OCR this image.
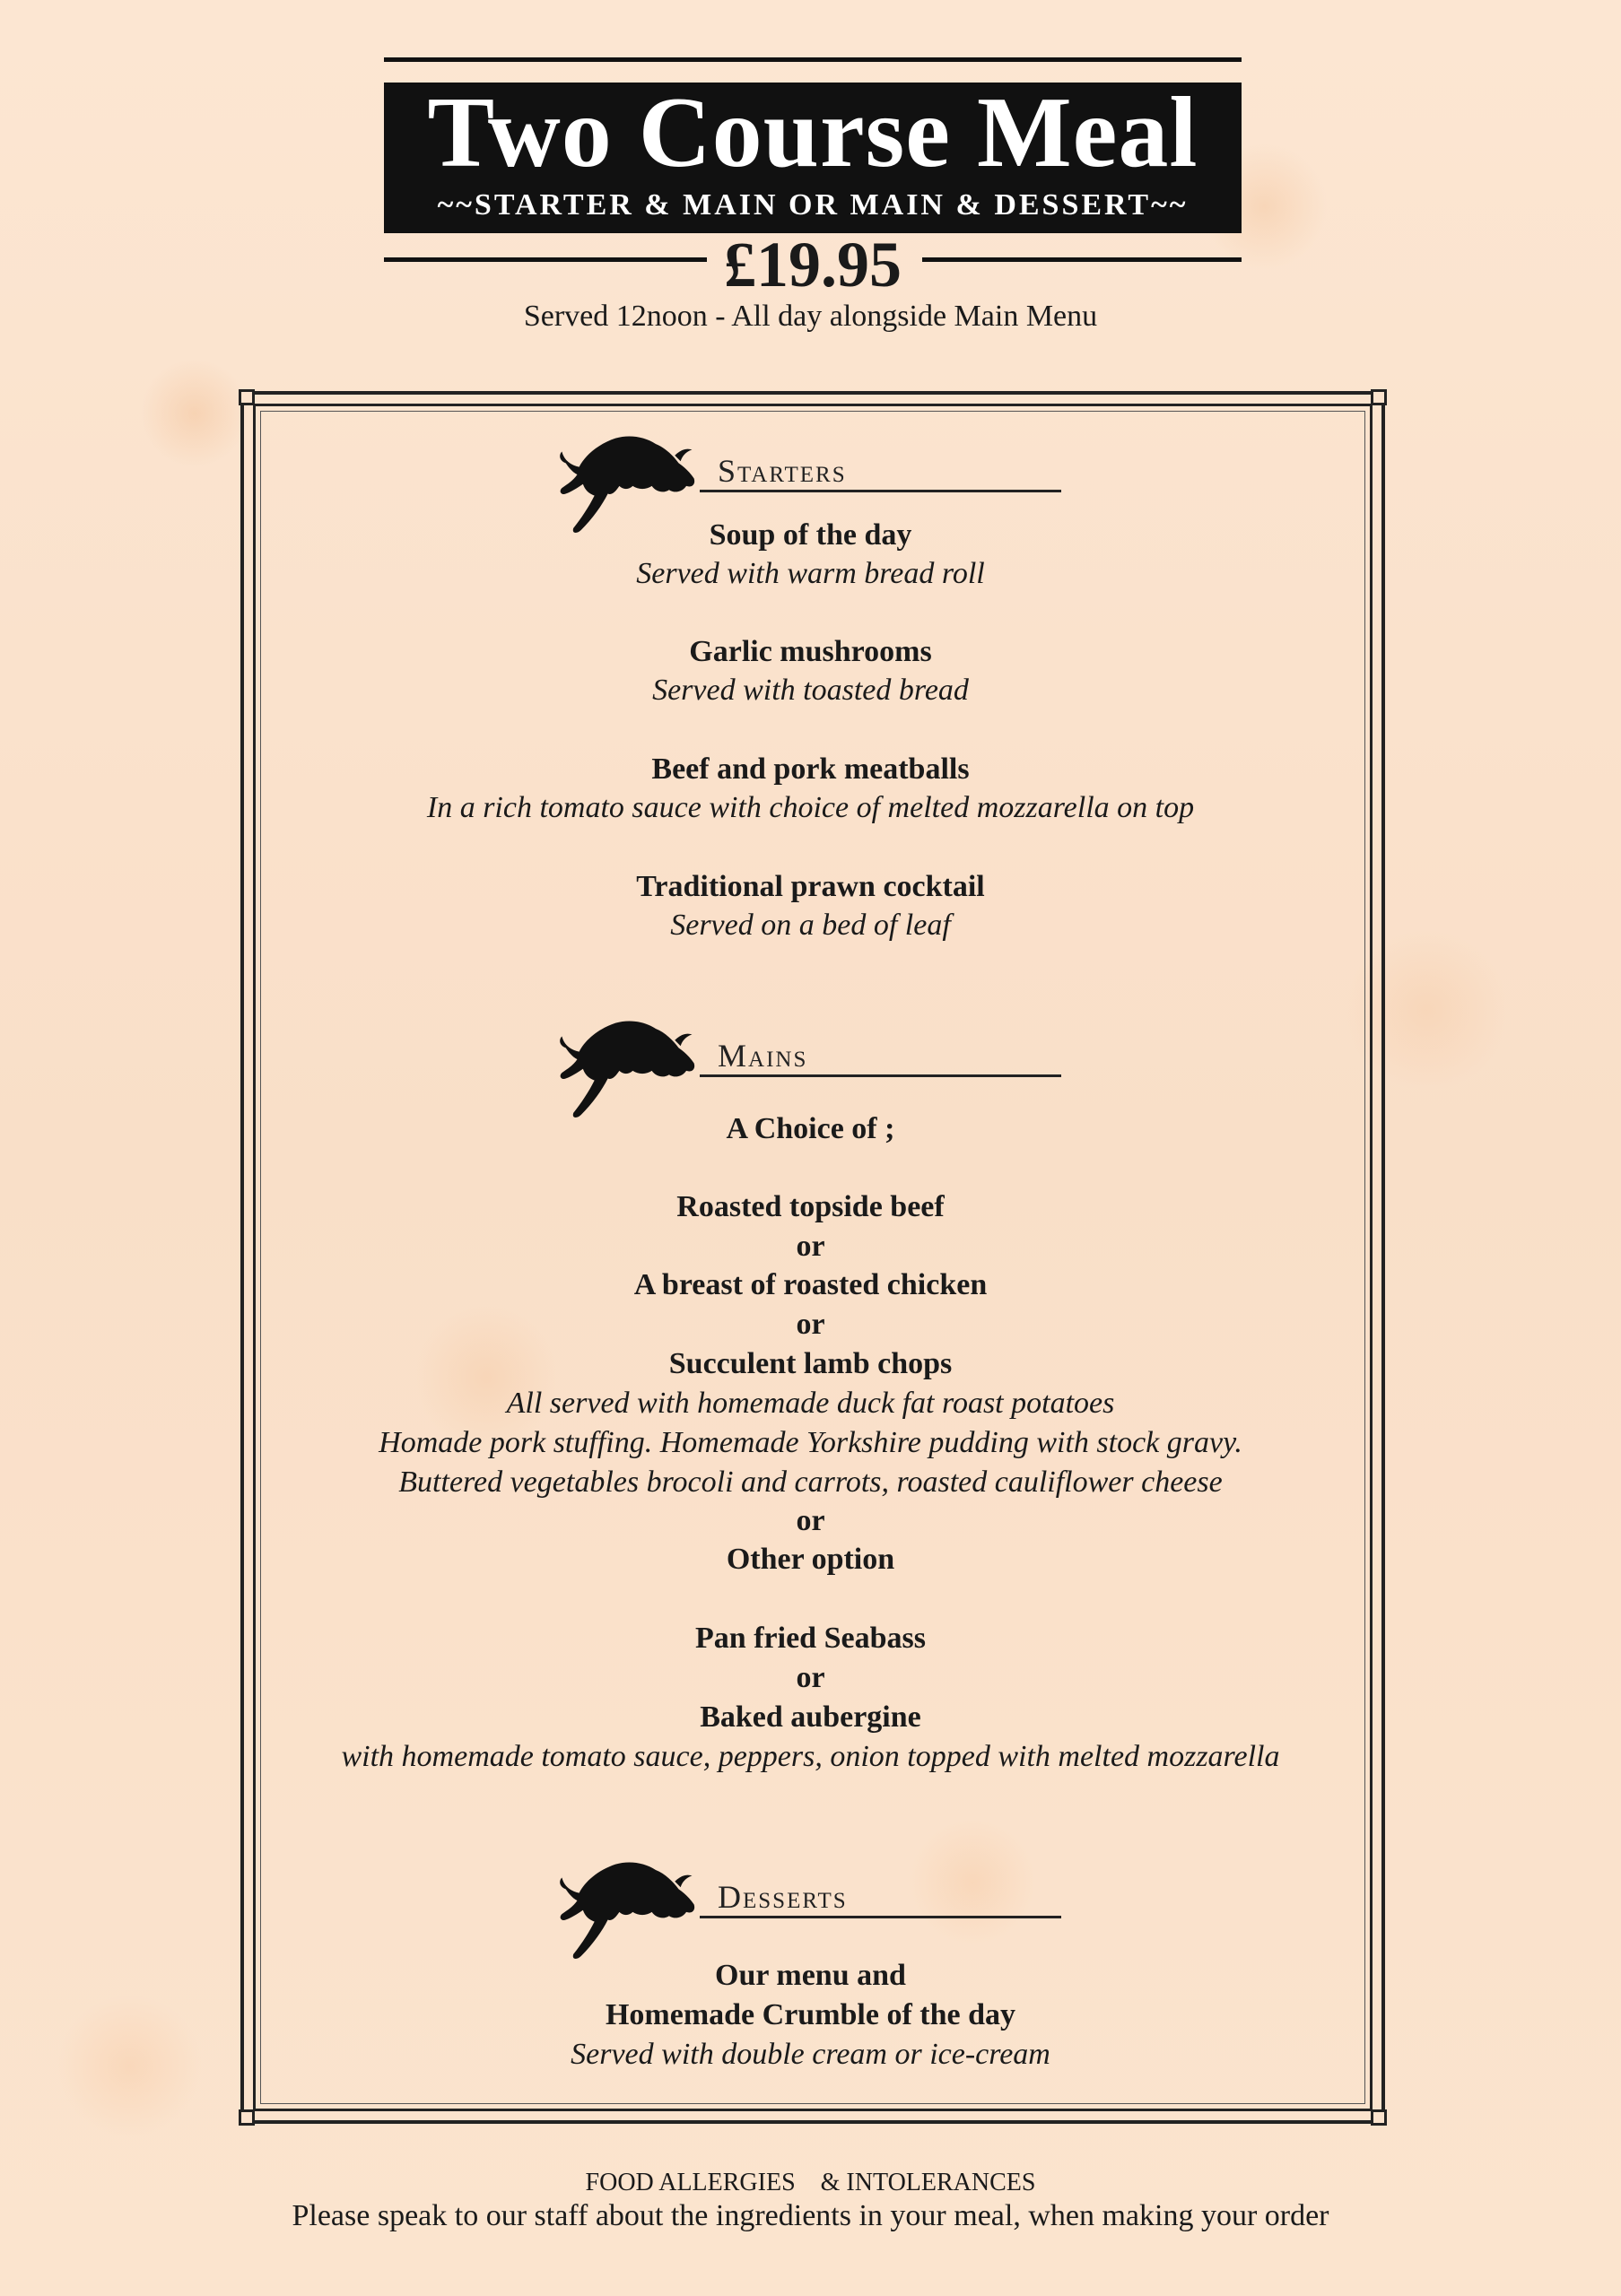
Two Course Meal
~~STARTER & MAIN OR MAIN & DESSERT~~
£19.95
Served 12noon - All day alongside Main Menu
Starters
Soup of the day
Served with warm bread roll
Garlic mushrooms
Served with toasted bread
Beef and pork meatballs
In a rich tomato sauce with choice of melted mozzarella on top
Traditional prawn cocktail
Served on a bed of leaf
Mains
A Choice of ;
Roasted topside beef
or
A breast of roasted chicken
or
Succulent lamb chops
All served with homemade duck fat roast potatoes
Homade pork stuffing. Homemade Yorkshire pudding with stock gravy.
Buttered vegetables brocoli and carrots, roasted cauliflower cheese
or
Other option
Pan fried Seabass
or
Baked aubergine
with homemade tomato sauce, peppers, onion topped with melted mozzarella
Desserts
Our menu and
Homemade Crumble of the day
Served with double cream or ice-cream
FOOD ALLERGIES    & INTOLERANCES
Please speak to our staff about the ingredients in your meal, when making your order
